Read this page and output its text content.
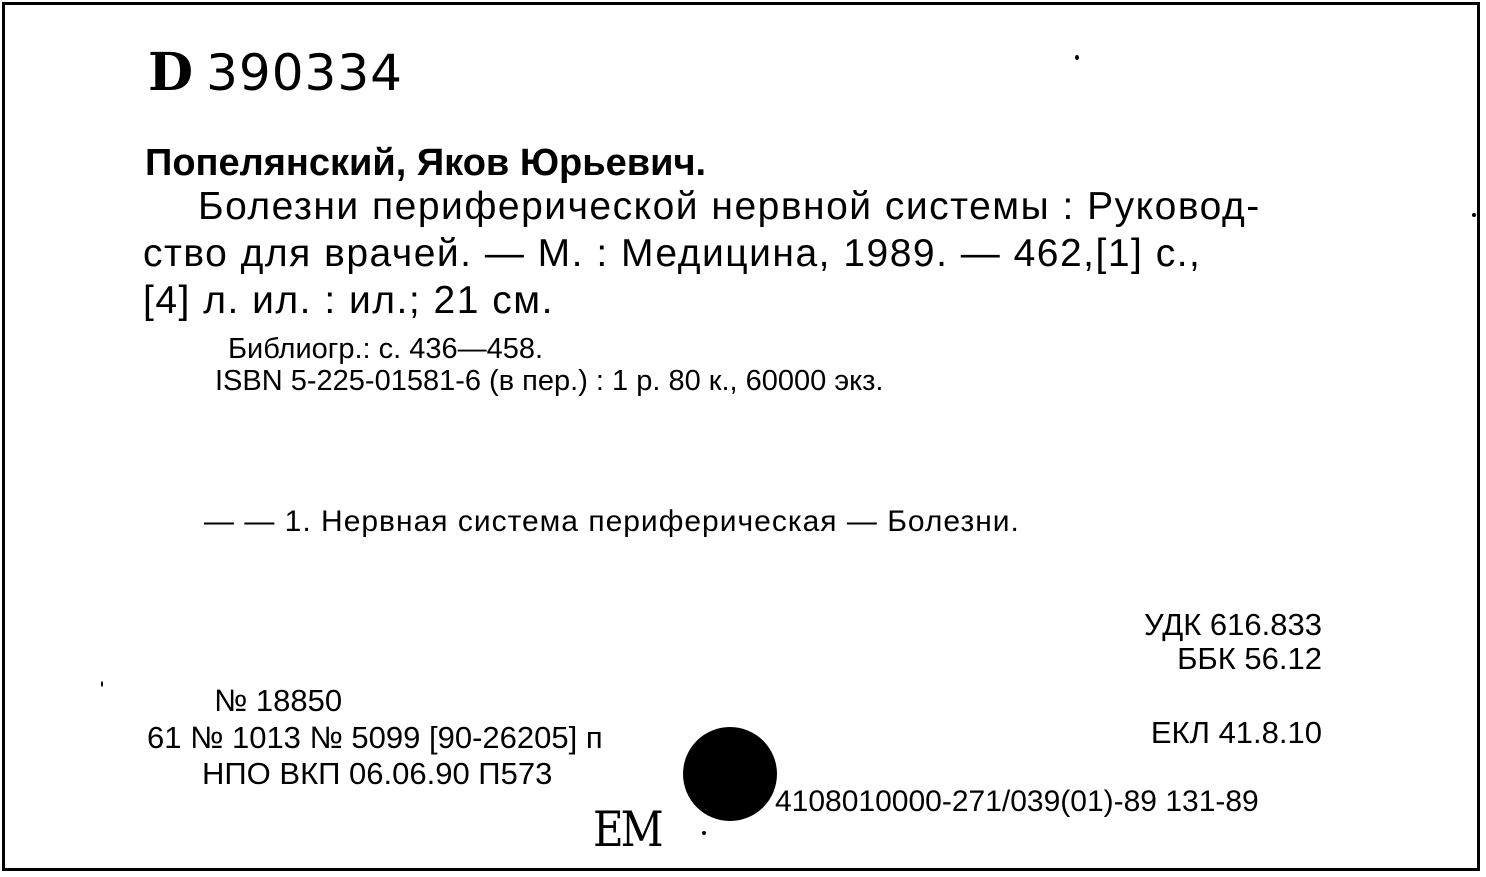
D 390334
Попелянский, Яков Юрьевич.
Болезни периферической нервной системы : Руковод-
ство для врачей. — М. : Медицина, 1989. — 462,[1] с.,
[4] л. ил. : ил.; 21 см.
Библиогр.: с. 436—458.
ISBN 5-225-01581-6 (в пер.) : 1 р. 80 к., 60000 экз.
— — 1. Нервная система периферическая — Болезни.
УДК 616.833
ББК 56.12
ЕКЛ 41.8.10
№ 18850
61 № 1013 № 5099 [90-26205] п
НПО ВКП 06.06.90 П573
4108010000-271/039(01)-89 131-89
ЕМ
